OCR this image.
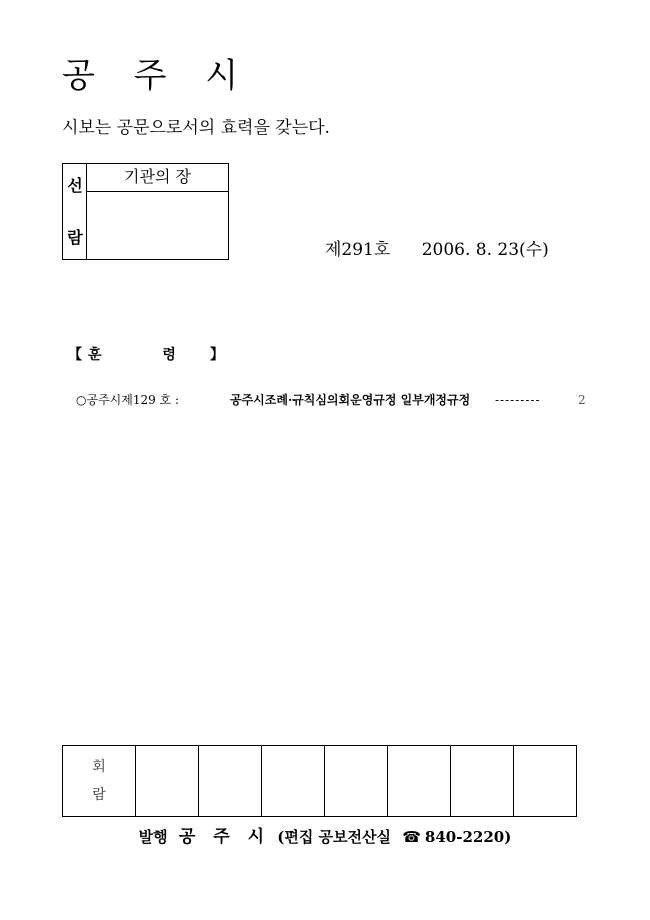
공 주 시
시보는 공문으로서의 효력을 갖는다.
선
람
기관의 장
제291호 2006. 8. 23(수)
【 훈 령 】
○공주시제129 호 :	공주시조례·규칙심의회운영규정 일부개정규정 ---------	2
회
람

발행 공 주 시 (편집 공보전산실 ☎ 840-2220)
